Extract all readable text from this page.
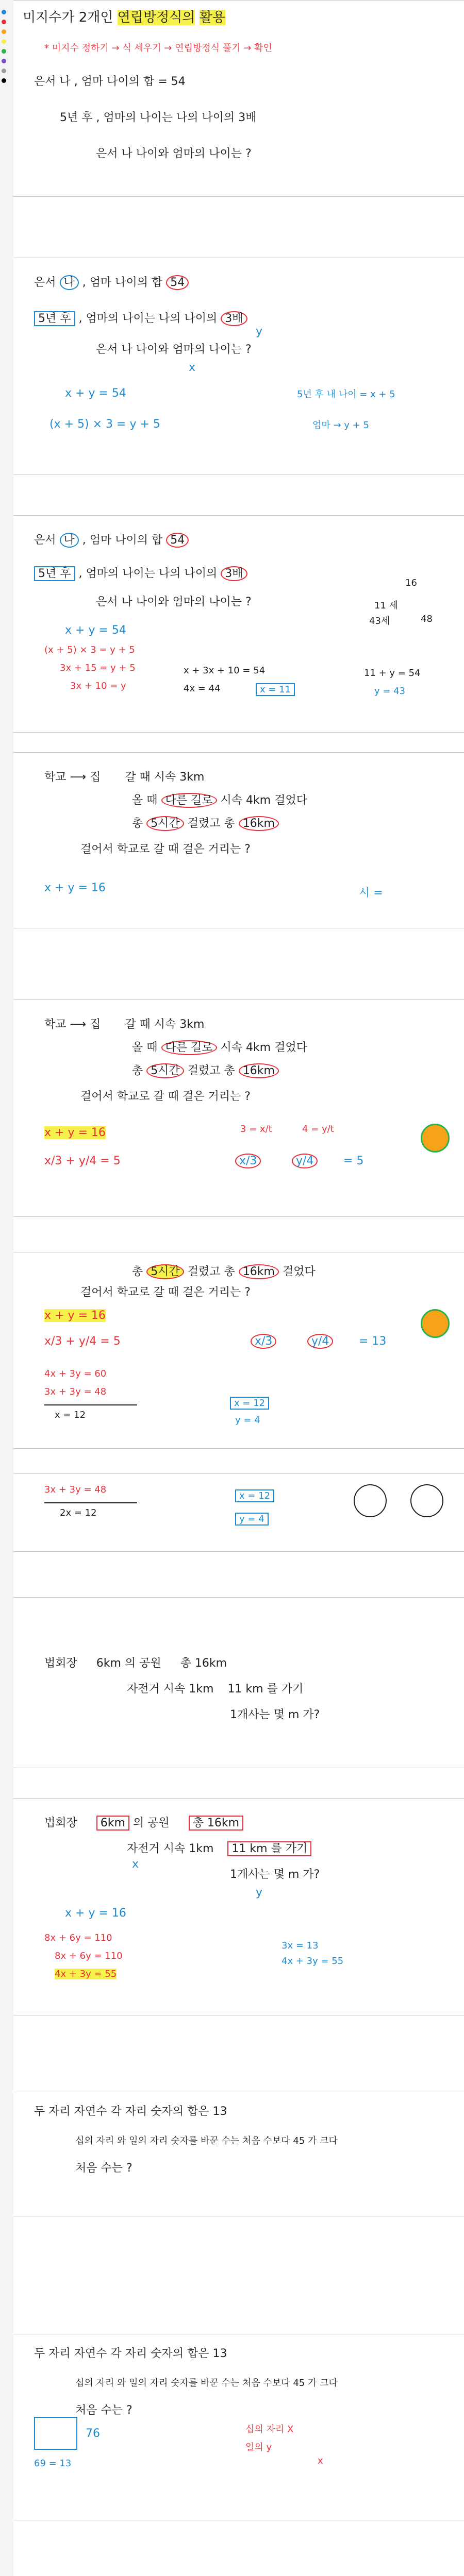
미지수가 2개인 연립방정식의 활용
* 미지수 정하기 → 식 세우기 → 연립방정식 풀기 → 확인
은서 나 , 엄마 나이의 합 = 54
5년 후 , 엄마의 나이는 나의 나이의 3배
은서 나 나이와 엄마의 나이는 ?
은서 나 , 엄마 나이의 합 54
5년 후 , 엄마의 나이는 나의 나이의 3배
은서 나 나이와 엄마의 나이는 ?
x
y
x + y = 54
(x + 5) × 3 = y + 5
5년 후 내 나이 = x + 5
엄마 → y + 5
은서 나 , 엄마 나이의 합 54
5년 후 , 엄마의 나이는 나의 나이의 3배
은서 나 나이와 엄마의 나이는 ?
x + y = 54
(x + 5) × 3 = y + 5
3x + 15 = y + 5
3x + 10 = y
x + 3x + 10 = 54
4x = 44	x = 11	y = 43
16
11 세
43세	48
11 + y = 54
학교 ⟶ 집 갈 때 시속 3km
올 때 다른 길로 시속 4km 걸었다
총 5시간 걸렸고 총 16km
걸어서 학교로 갈 때 걸은 거리는 ?
x + y = 16	시 =
학교 ⟶ 집 갈 때 시속 3km
올 때 다른 길로 시속 4km 걸었다
총 5시간 걸렸고 총 16km
걸어서 학교로 갈 때 걸은 거리는 ?
x + y = 16
x/3 + y/4 = 5
3 = x/t	4 = y/t
x/3	y/4	= 5
총 5시간 걸렸고 총 16km 걸었다
걸어서 학교로 갈 때 걸은 거리는 ?
x + y = 16
x/3 + y/4 = 5
4x + 3y = 60
3x + 3y = 48
x = 12
x/3	y/4	= 13
x = 12
y = 4
3x + 3y = 48
2x = 12
x = 12
y = 4
법회장 6km 의 공원 총 16km
자전거 시속 1km 11 km 를 가기
1개사는 몇 m 가?
법회장 6km 의 공원 총 16km
자전거 시속 1km 11 km 를 가기
1개사는 몇 m 가?
x
y
x + y = 16
8x + 6y = 110
8x + 6y = 110
4x + 3y = 55
3x = 13
4x + 3y = 55
두 자리 자연수 각 자리 숫자의 합은 13
십의 자리 와 일의 자리 숫자를 바꾼 수는 처음 수보다 45 가 크다
처음 수는 ?
두 자리 자연수 각 자리 숫자의 합은 13
십의 자리 와 일의 자리 숫자를 바꾼 수는 처음 수보다 45 가 크다
처음 수는 ?
76
69 = 13
십의 자리 X
일의 y
x
